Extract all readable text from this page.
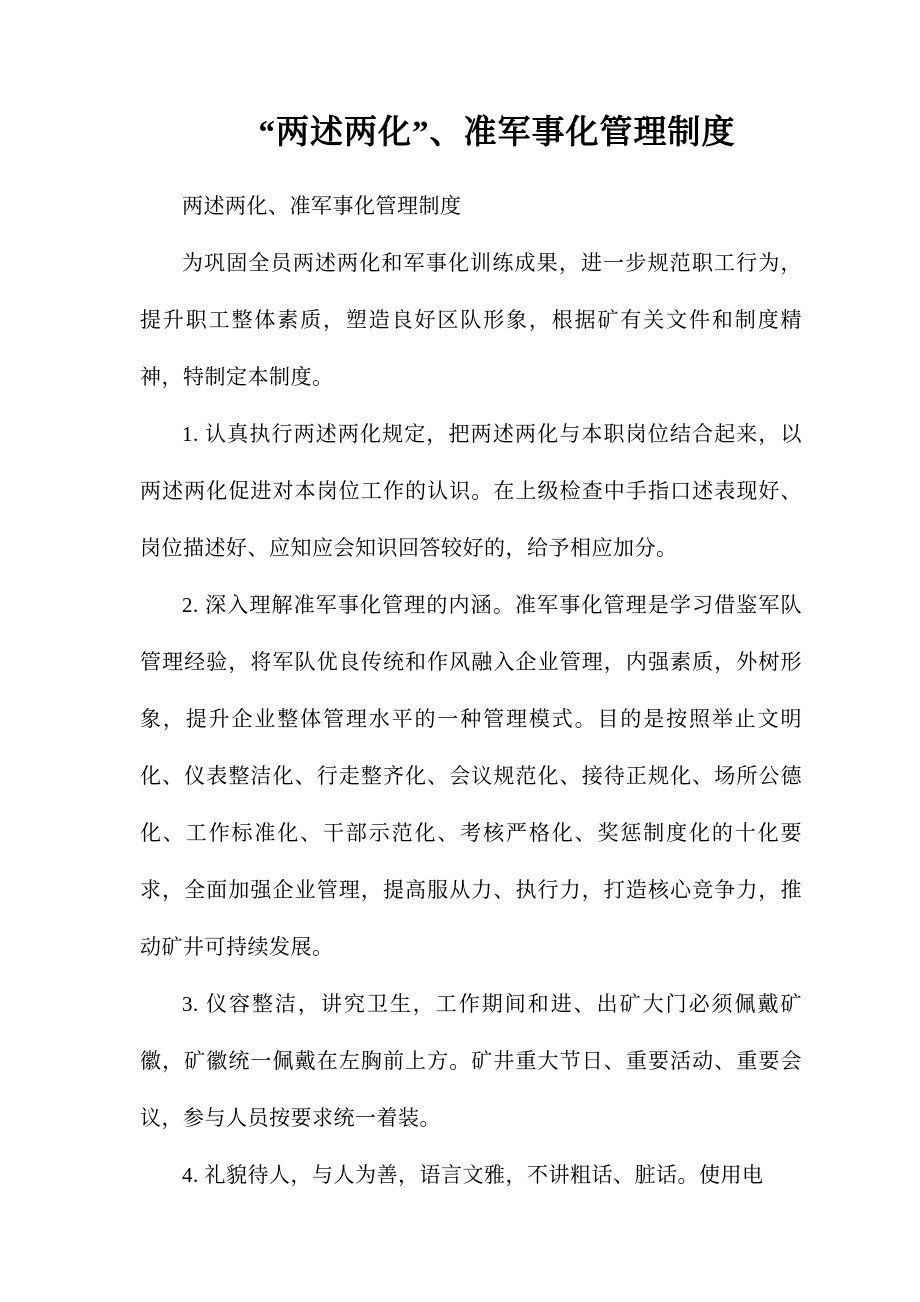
“两述两化”、准军事化管理制度

两述两化、准军事化管理制度

为巩固全员两述两化和军事化训练成果，进一步规范职工行为，提升职工整体素质，塑造良好区队形象，根据矿有关文件和制度精神，特制定本制度。

1. 认真执行两述两化规定，把两述两化与本职岗位结合起来，以两述两化促进对本岗位工作的认识。在上级检查中手指口述表现好、岗位描述好、应知应会知识回答较好的，给予相应加分。

2. 深入理解准军事化管理的内涵。准军事化管理是学习借鉴军队管理经验，将军队优良传统和作风融入企业管理，内强素质，外树形象，提升企业整体管理水平的一种管理模式。目的是按照举止文明化、仪表整洁化、行走整齐化、会议规范化、接待正规化、场所公德化、工作标准化、干部示范化、考核严格化、奖惩制度化的十化要求，全面加强企业管理，提高服从力、执行力，打造核心竞争力，推动矿井可持续发展。

3. 仪容整洁，讲究卫生，工作期间和进、出矿大门必须佩戴矿徽，矿徽统一佩戴在左胸前上方。矿井重大节日、重要活动、重要会议，参与人员按要求统一着装。

4. 礼貌待人，与人为善，语言文雅，不讲粗话、脏话。使用电
